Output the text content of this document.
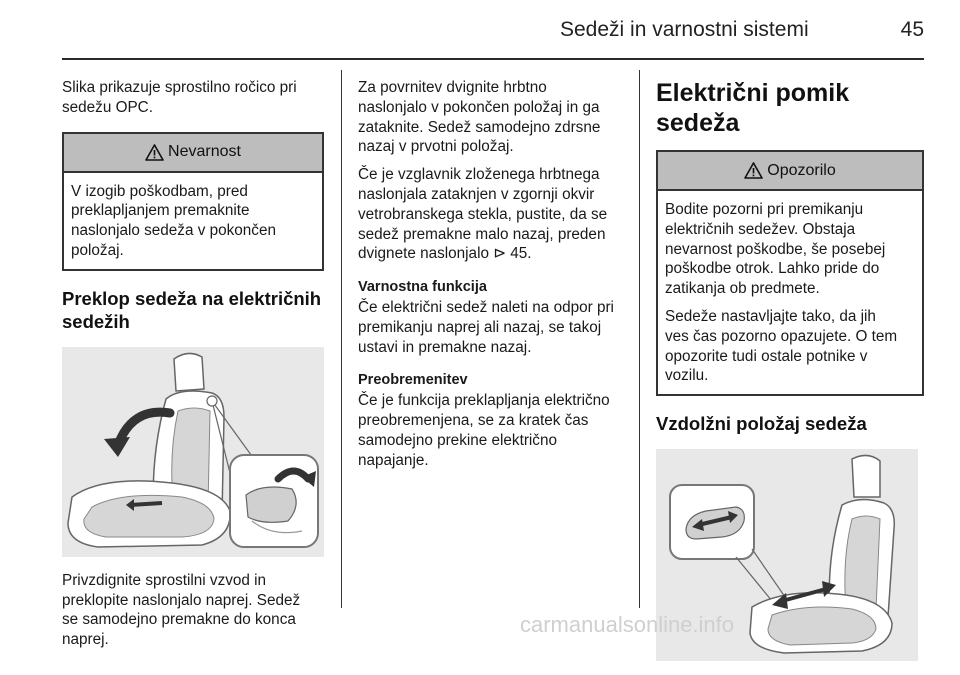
Sedeži in varnostni sistemi	45

Slika prikazuje sprostilno ročico pri
sedežu OPC.

Nevarnost

V izogib poškodbam, pred
preklapljanjem premaknite
naslonjalo sedeža v pokončen
položaj.

Preklop sedeža na električnih
sedežih

Privzdignite sprostilni vzvod in
preklopite naslonjalo naprej. Sedež
se samodejno premakne do konca
naprej.

Za povrnitev dvignite hrbtno
naslonjalo v pokončen položaj in ga
zataknite. Sedež samodejno zdrsne
nazaj v prvotni položaj.

Če je vzglavnik zloženega hrbtnega
naslonjala zataknjen v zgornji okvir
vetrobranskega stekla, pustite, da se
sedež premakne malo nazaj, preden
dvignete naslonjalo ⊳ 45.

Varnostna funkcija

Če električni sedež naleti na odpor pri
premikanju naprej ali nazaj, se takoj
ustavi in premakne nazaj.

Preobremenitev

Če je funkcija preklapljanja električno
preobremenjena, se za kratek čas
samodejno prekine električno
napajanje.

Električni pomik sedeža

Opozorilo

Bodite pozorni pri premikanju
električnih sedežev. Obstaja
nevarnost poškodbe, še posebej
poškodbe otrok. Lahko pride do
zatikanja ob predmete.

Sedeže nastavljajte tako, da jih
ves čas pozorno opazujete. O tem
opozorite tudi ostale potnike v
vozilu.

Vzdolžni položaj sedeža

carmanualsonline.info
